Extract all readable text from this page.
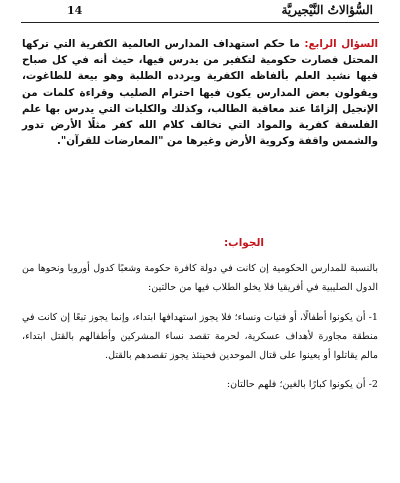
السُّؤالاتُ النَّيْجيريَّة
14
السؤال الرابع: ما حكم استهداف المدارس العالمية الكفرية التي تركها المحتل فصارت حكومية لتكفير من يدرس فيها، حيث أنه في كل صباح فيها نشيد العلم بألفاظه الكفرية ويردده الطلبة وهو بيعة للطاغوت، ويقولون بعض المدارس يكون فيها احترام الصليب وقراءة كلمات من الإنجيل إلزامًا عند معاقبة الطالب، وكذلك والكليات التي يدرس بها علم الفلسفة كفرية والمواد التي تخالف كلام الله كفر مثلًا الأرض تدور والشمس واقفة وكروية الأرض وغيرها من "المعارضات للقرآن".
الجواب:

بالنسبة للمدارس الحكومية إن كانت في دولة كافرة حكومة وشعبًا كدول أوروبا ونحوها من الدول الصليبية في أفريقيا فلا يخلو الطلاب فيها من حالتين:

1- أن يكونوا أطفالًا، أو فتيات ونساء؛ فلا يجوز استهدافها ابتداء، وإنما يجوز تبعًا إن كانت في منطقة مجاورة لأهداف عسكرية، لحرمة تقصد نساء المشركين وأطفالهم بالقتل ابتداء، مالم يقاتلوا أو يعينوا على قتال الموحدين فحينئذ يجوز تقصدهم بالقتل.

2- أن يكونوا كبارًا بالغين؛ فلهم حالتان:
